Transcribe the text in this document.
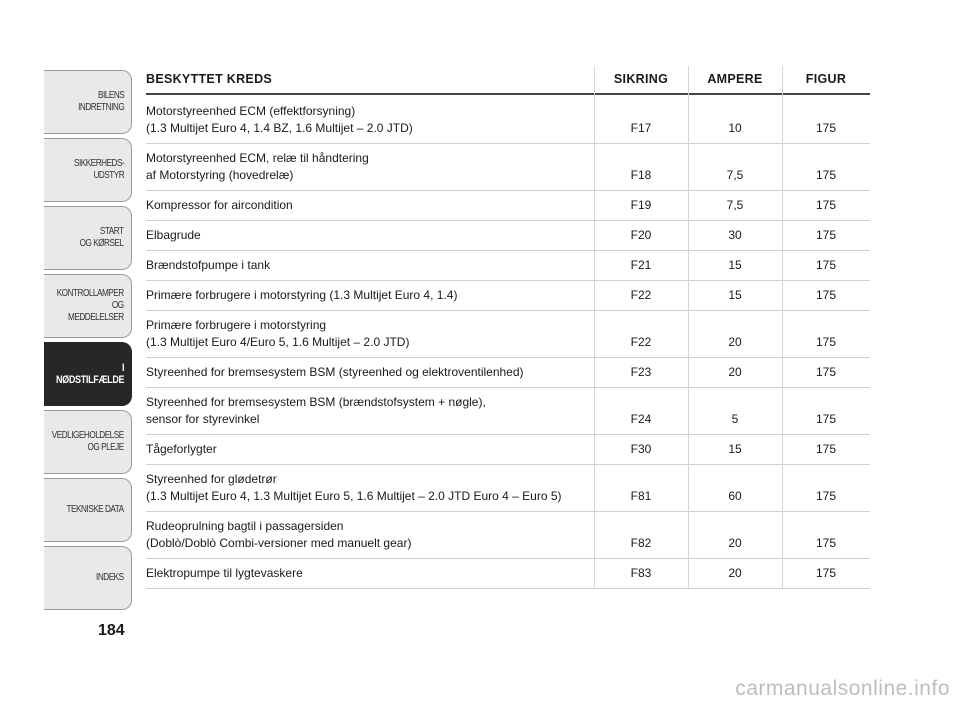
BILENS
INDRETNING
SIKKERHEDS-
UDSTYR
START
OG KØRSEL
KONTROLLAMPER
OG MEDDELELSER
I NØDSTILFÆLDE
VEDLIGEHOLDELSE
OG PLEJE
TEKNISKE DATA
INDEKS
184
BESKYTTET KREDS	SIKRING	AMPERE	FIGUR
Motorstyreenhed ECM (effektforsyning)
(1.3 Multijet Euro 4, 1.4 BZ, 1.6 Multijet – 2.0 JTD)	F17	10	175
Motorstyreenhed ECM, relæ til håndtering
af Motorstyring (hovedrelæ)	F18	7,5	175
Kompressor for aircondition	F19	7,5	175
Elbagrude	F20	30	175
Brændstofpumpe i tank	F21	15	175
Primære forbrugere i motorstyring (1.3 Multijet Euro 4, 1.4)	F22	15	175
Primære forbrugere i motorstyring
(1.3 Multijet Euro 4/Euro 5, 1.6 Multijet – 2.0 JTD)	F22	20	175
Styreenhed for bremsesystem BSM (styreenhed og elektroventilenhed)	F23	20	175
Styreenhed for bremsesystem BSM (brændstofsystem + nøgle),
sensor for styrevinkel	F24	5	175
Tågeforlygter	F30	15	175
Styreenhed for glødetrør
(1.3 Multijet Euro 4, 1.3 Multijet Euro 5, 1.6 Multijet – 2.0 JTD Euro 4 – Euro 5)	F81	60	175
Rudeoprulning bagtil i passagersiden
(Doblò/Doblò Combi-versioner med manuelt gear)	F82	20	175
Elektropumpe til lygtevaskere	F83	20	175
carmanualsonline.info
